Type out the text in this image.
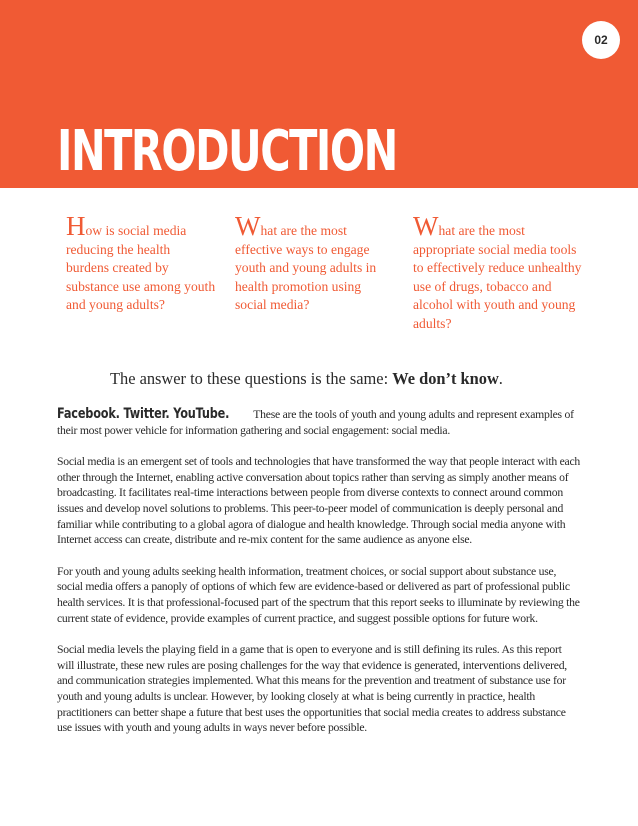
02
INTRODUCTION

How is social media reducing the health burdens created by substance use among youth and young adults?

What are the most effective ways to engage youth and young adults in health promotion using social media?

What are the most appropriate social media tools to effectively reduce unhealthy use of drugs, tobacco and alcohol with youth and young adults?

The answer to these questions is the same: We don’t know.

Facebook. Twitter. YouTube. These are the tools of youth and young adults and represent examples of their most power vehicle for information gathering and social engagement: social media.

Social media is an emergent set of tools and technologies that have transformed the way that people interact with each other through the Internet, enabling active conversation about topics rather than serving as simply another means of broadcasting. It facilitates real-time interactions between people from diverse contexts to connect around common issues and develop novel solutions to problems. This peer-to-peer model of communication is deeply personal and familiar while contributing to a global agora of dialogue and health knowledge. Through social media anyone with Internet access can create, distribute and re-mix content for the same audience as anyone else.

For youth and young adults seeking health information, treatment choices, or social support about substance use, social media offers a panoply of options of which few are evidence-based or delivered as part of professional public health services. It is that professional-focused part of the spectrum that this report seeks to illuminate by reviewing the current state of evidence, provide examples of current practice, and suggest possible options for future work.

Social media levels the playing field in a game that is open to everyone and is still defining its rules. As this report will illustrate, these new rules are posing challenges for the way that evidence is generated, interventions delivered, and communication strategies implemented. What this means for the prevention and treatment of substance use for youth and young adults is unclear. However, by looking closely at what is being currently in practice, health practitioners can better shape a future that best uses the opportunities that social media creates to address substance use issues with youth and young adults in ways never before possible.
